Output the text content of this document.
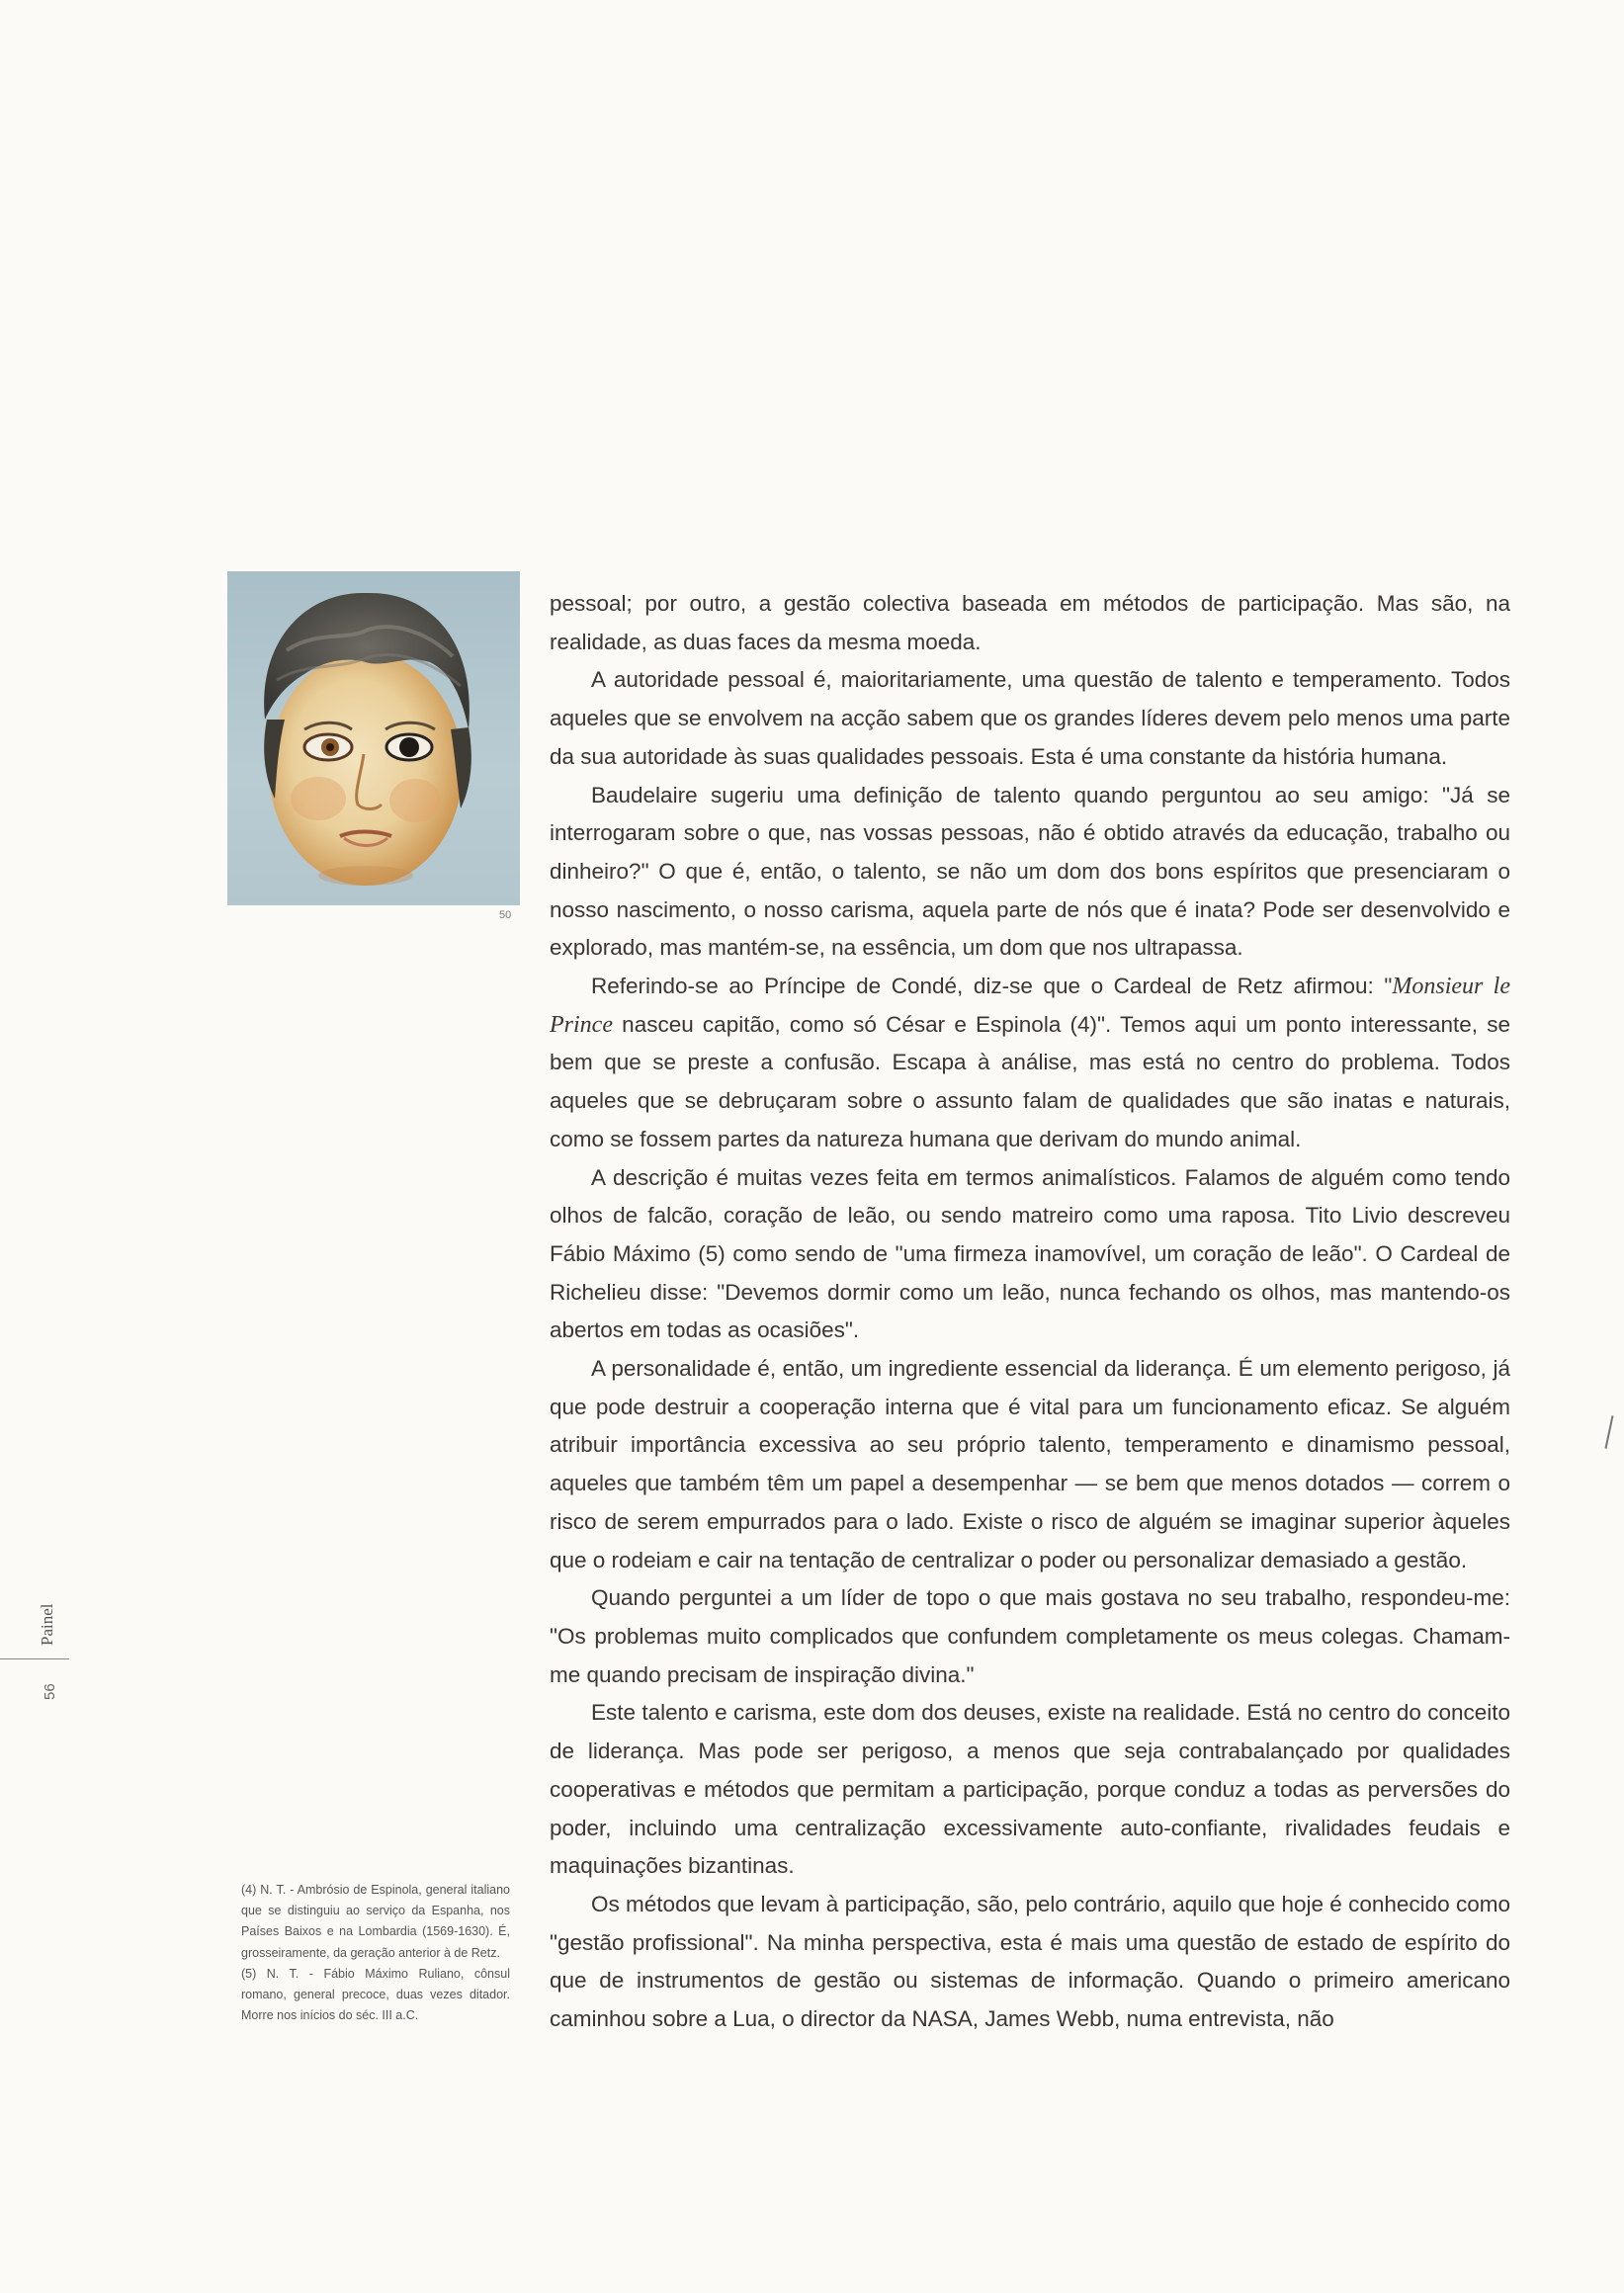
50

pessoal; por outro, a gestão colectiva baseada em métodos de participação. Mas são, na realidade, as duas faces da mesma moeda.

A autoridade pessoal é, maioritariamente, uma questão de talento e temperamento. Todos aqueles que se envolvem na acção sabem que os grandes líderes devem pelo menos uma parte da sua autoridade às suas qualidades pessoais. Esta é uma constante da história humana.

Baudelaire sugeriu uma definição de talento quando perguntou ao seu amigo: "Já se interrogaram sobre o que, nas vossas pessoas, não é obtido através da educação, trabalho ou dinheiro?" O que é, então, o talento, se não um dom dos bons espíritos que presenciaram o nosso nascimento, o nosso carisma, aquela parte de nós que é inata? Pode ser desenvolvido e explorado, mas mantém-se, na essência, um dom que nos ultrapassa.

Referindo-se ao Príncipe de Condé, diz-se que o Cardeal de Retz afirmou: "Monsieur le Prince nasceu capitão, como só César e Espinola (4)". Temos aqui um ponto interessante, se bem que se preste a confusão. Escapa à análise, mas está no centro do problema. Todos aqueles que se debruçaram sobre o assunto falam de qualidades que são inatas e naturais, como se fossem partes da natureza humana que derivam do mundo animal.

A descrição é muitas vezes feita em termos animalísticos. Falamos de alguém como tendo olhos de falcão, coração de leão, ou sendo matreiro como uma raposa. Tito Livio descreveu Fábio Máximo (5) como sendo de "uma firmeza inamovível, um coração de leão". O Cardeal de Richelieu disse: "Devemos dormir como um leão, nunca fechando os olhos, mas mantendo-os abertos em todas as ocasiões".

A personalidade é, então, um ingrediente essencial da liderança. É um elemento perigoso, já que pode destruir a cooperação interna que é vital para um funcionamento eficaz. Se alguém atribuir importância excessiva ao seu próprio talento, temperamento e dinamismo pessoal, aqueles que também têm um papel a desempenhar — se bem que menos dotados — correm o risco de serem empurrados para o lado. Existe o risco de alguém se imaginar superior àqueles que o rodeiam e cair na tentação de centralizar o poder ou personalizar demasiado a gestão.

Quando perguntei a um líder de topo o que mais gostava no seu trabalho, respondeu-me: "Os problemas muito complicados que confundem completamente os meus colegas. Chamam-me quando precisam de inspiração divina."

Este talento e carisma, este dom dos deuses, existe na realidade. Está no centro do conceito de liderança. Mas pode ser perigoso, a menos que seja contrabalançado por qualidades cooperativas e métodos que permitam a participação, porque conduz a todas as perversões do poder, incluindo uma centralização excessivamente auto-confiante, rivalidades feudais e maquinações bizantinas.

Os métodos que levam à participação, são, pelo contrário, aquilo que hoje é conhecido como "gestão profissional". Na minha perspectiva, esta é mais uma questão de estado de espírito do que de instrumentos de gestão ou sistemas de informação. Quando o primeiro americano caminhou sobre a Lua, o director da NASA, James Webb, numa entrevista, não

(4) N. T. - Ambrósio de Espinola, general italiano que se distinguiu ao serviço da Espanha, nos Países Baixos e na Lombardia (1569-1630). É, grosseiramente, da geração anterior à de Retz.

(5) N. T. - Fábio Máximo Ruliano, cônsul romano, general precoce, duas vezes ditador. Morre nos inícios do séc. III a.C.

Painel
56
